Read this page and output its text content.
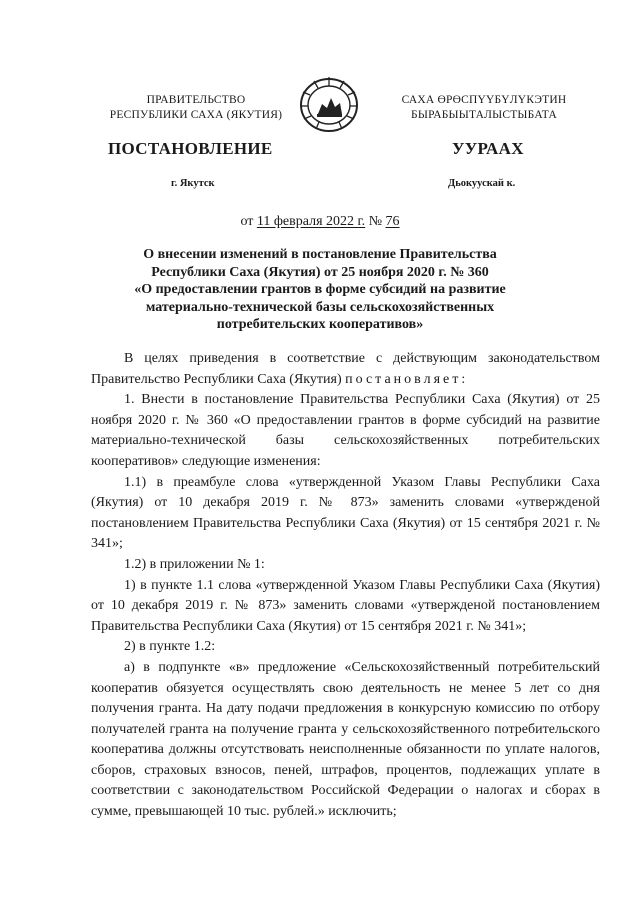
ПРАВИТЕЛЬСТВО
РЕСПУБЛИКИ САХА (ЯКУТИЯ)
САХА ӨРӨСПҮҮБҮЛҮКЭТИН
БЫРАБЫЫТАЛЫСТЫБАТА
ПОСТАНОВЛЕНИЕ	УУРААХ
г. Якутск	Дьокуускай к.
от 11 февраля 2022 г. № 76
О внесении изменений в постановление Правительства
Республики Саха (Якутия) от 25 ноября 2020 г. № 360
«О предоставлении грантов в форме субсидий на развитие
материально-технической базы сельскохозяйственных
потребительских кооперативов»

В целях приведения в соответствие с действующим законодательством Правительство Республики Саха (Якутия) постановляет:

1. Внести в постановление Правительства Республики Саха (Якутия) от 25 ноября 2020 г. № 360 «О предоставлении грантов в форме субсидий на развитие материально-технической базы сельскохозяйственных потребительских кооперативов» следующие изменения:

1.1) в преамбуле слова «утвержденной Указом Главы Республики Саха (Якутия) от 10 декабря 2019 г. № 873» заменить словами «утвержденой постановлением Правительства Республики Саха (Якутия) от 15 сентября 2021 г. № 341»;

1.2) в приложении № 1:

1) в пункте 1.1 слова «утвержденной Указом Главы Республики Саха (Якутия) от 10 декабря 2019 г. № 873» заменить словами «утвержденой постановлением Правительства Республики Саха (Якутия) от 15 сентября 2021 г. № 341»;

2) в пункте 1.2:

а) в подпункте «в» предложение «Сельскохозяйственный потребительский кооператив обязуется осуществлять свою деятельность не менее 5 лет со дня получения гранта. На дату подачи предложения в конкурсную комиссию по отбору получателей гранта на получение гранта у сельскохозяйственного потребительского кооператива должны отсутствовать неисполненные обязанности по уплате налогов, сборов, страховых взносов, пеней, штрафов, процентов, подлежащих уплате в соответствии с законодательством Российской Федерации о налогах и сборах в сумме, превышающей 10 тыс. рублей.» исключить;
